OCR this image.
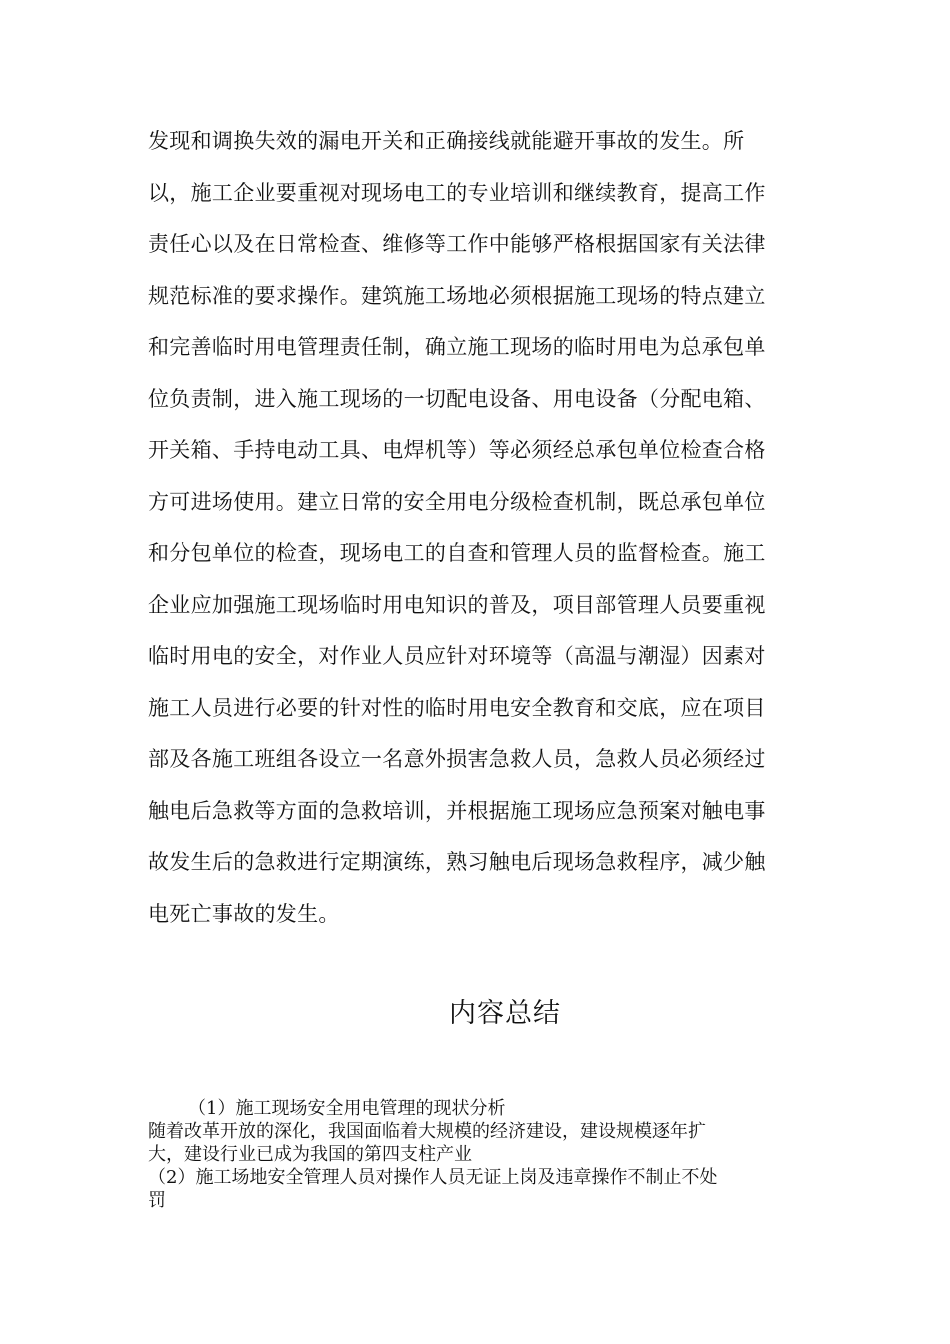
发现和调换失效的漏电开关和正确接线就能避开事故的发生。所
以，施工企业要重视对现场电工的专业培训和继续教育，提高工作
责任心以及在日常检查、维修等工作中能够严格根据国家有关法律
规范标准的要求操作。建筑施工场地必须根据施工现场的特点建立
和完善临时用电管理责任制，确立施工现场的临时用电为总承包单
位负责制，进入施工现场的一切配电设备、用电设备（分配电箱、
开关箱、手持电动工具、电焊机等）等必须经总承包单位检查合格
方可进场使用。建立日常的安全用电分级检查机制，既总承包单位
和分包单位的检查，现场电工的自查和管理人员的监督检查。施工
企业应加强施工现场临时用电知识的普及，项目部管理人员要重视
临时用电的安全，对作业人员应针对环境等（高温与潮湿）因素对
施工人员进行必要的针对性的临时用电安全教育和交底，应在项目
部及各施工班组各设立一名意外损害急救人员，急救人员必须经过
触电后急救等方面的急救培训，并根据施工现场应急预案对触电事
故发生后的急救进行定期演练，熟习触电后现场急救程序，减少触
电死亡事故的发生。
内容总结
（1）施工现场安全用电管理的现状分析
随着改革开放的深化，我国面临着大规模的经济建设，建设规模逐年扩
大，建设行业已成为我国的第四支柱产业
（2）施工场地安全管理人员对操作人员无证上岗及违章操作不制止不处
罚
